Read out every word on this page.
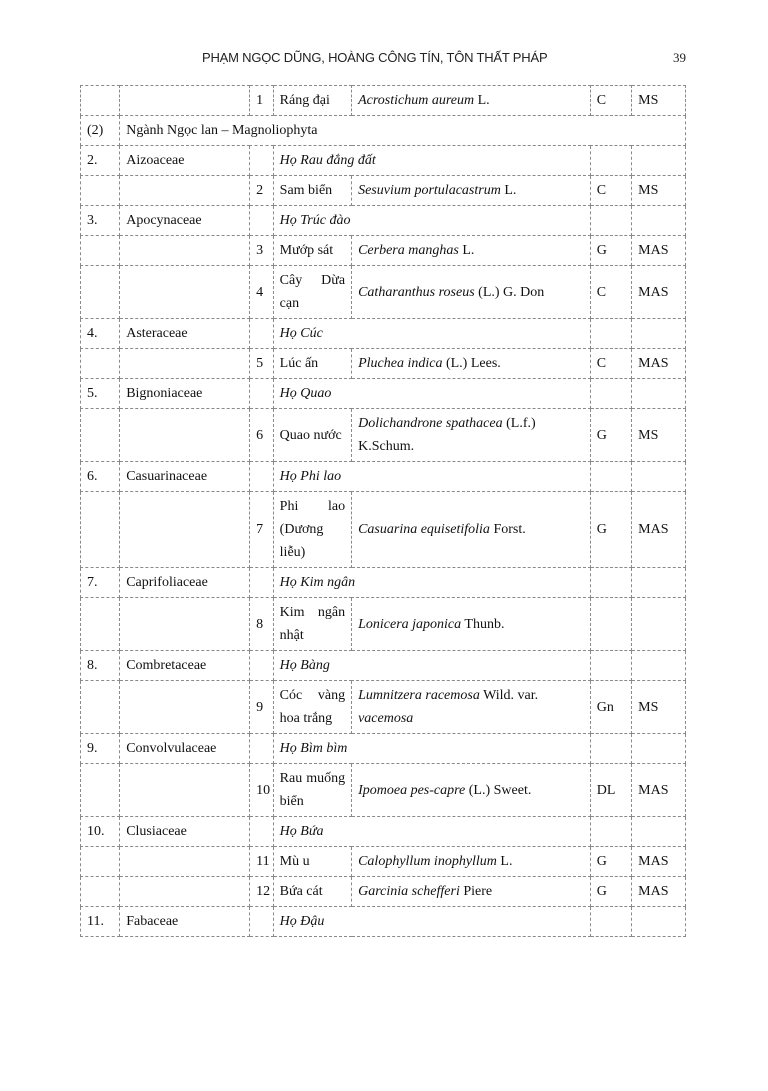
PHẠM NGỌC DŨNG, HOÀNG CÔNG TÍN, TÔN THẤT PHÁP	39
		1	Ráng đại	Acrostichum aureum L.	C	MS
(2)	Ngành Ngọc lan – Magnoliophyta					
2.	Aizoaceae		Họ Rau đắng đất			
		2	Sam biển	Sesuvium portulacastrum L.	C	MS
3.	Apocynaceae		Họ Trúc đào			
		3	Mướp sát	Cerbera manghas L.	G	MAS
		4	Cây Dừa cạn	Catharanthus roseus (L.) G. Don	C	MAS
4.	Asteraceae		Họ Cúc			
		5	Lúc ấn	Pluchea indica (L.) Lees.	C	MAS
5.	Bignoniaceae		Họ Quao			
		6	Quao nước	Dolichandrone spathacea (L.f.) K.Schum.	G	MS
6.	Casuarinaceae		Họ Phi lao			
		7	Phi lao (Dương liễu)	Casuarina equisetifolia Forst.	G	MAS
7.	Caprifoliaceae		Họ Kim ngân			
		8	Kim ngân nhật	Lonicera japonica Thunb.		
8.	Combretaceae		Họ Bàng			
		9	Cóc vàng hoa trắng	Lumnitzera racemosa Wild. var. vacemosa	Gn	MS
9.	Convolvulaceae		Họ Bìm bìm			
		10	Rau muống biển	Ipomoea pes-capre (L.) Sweet.	DL	MAS
10.	Clusiaceae		Họ Bứa			
		11	Mù u	Calophyllum inophyllum L.	G	MAS
		12	Bứa cát	Garcinia schefferi Piere	G	MAS
11.	Fabaceae		Họ Đậu			
